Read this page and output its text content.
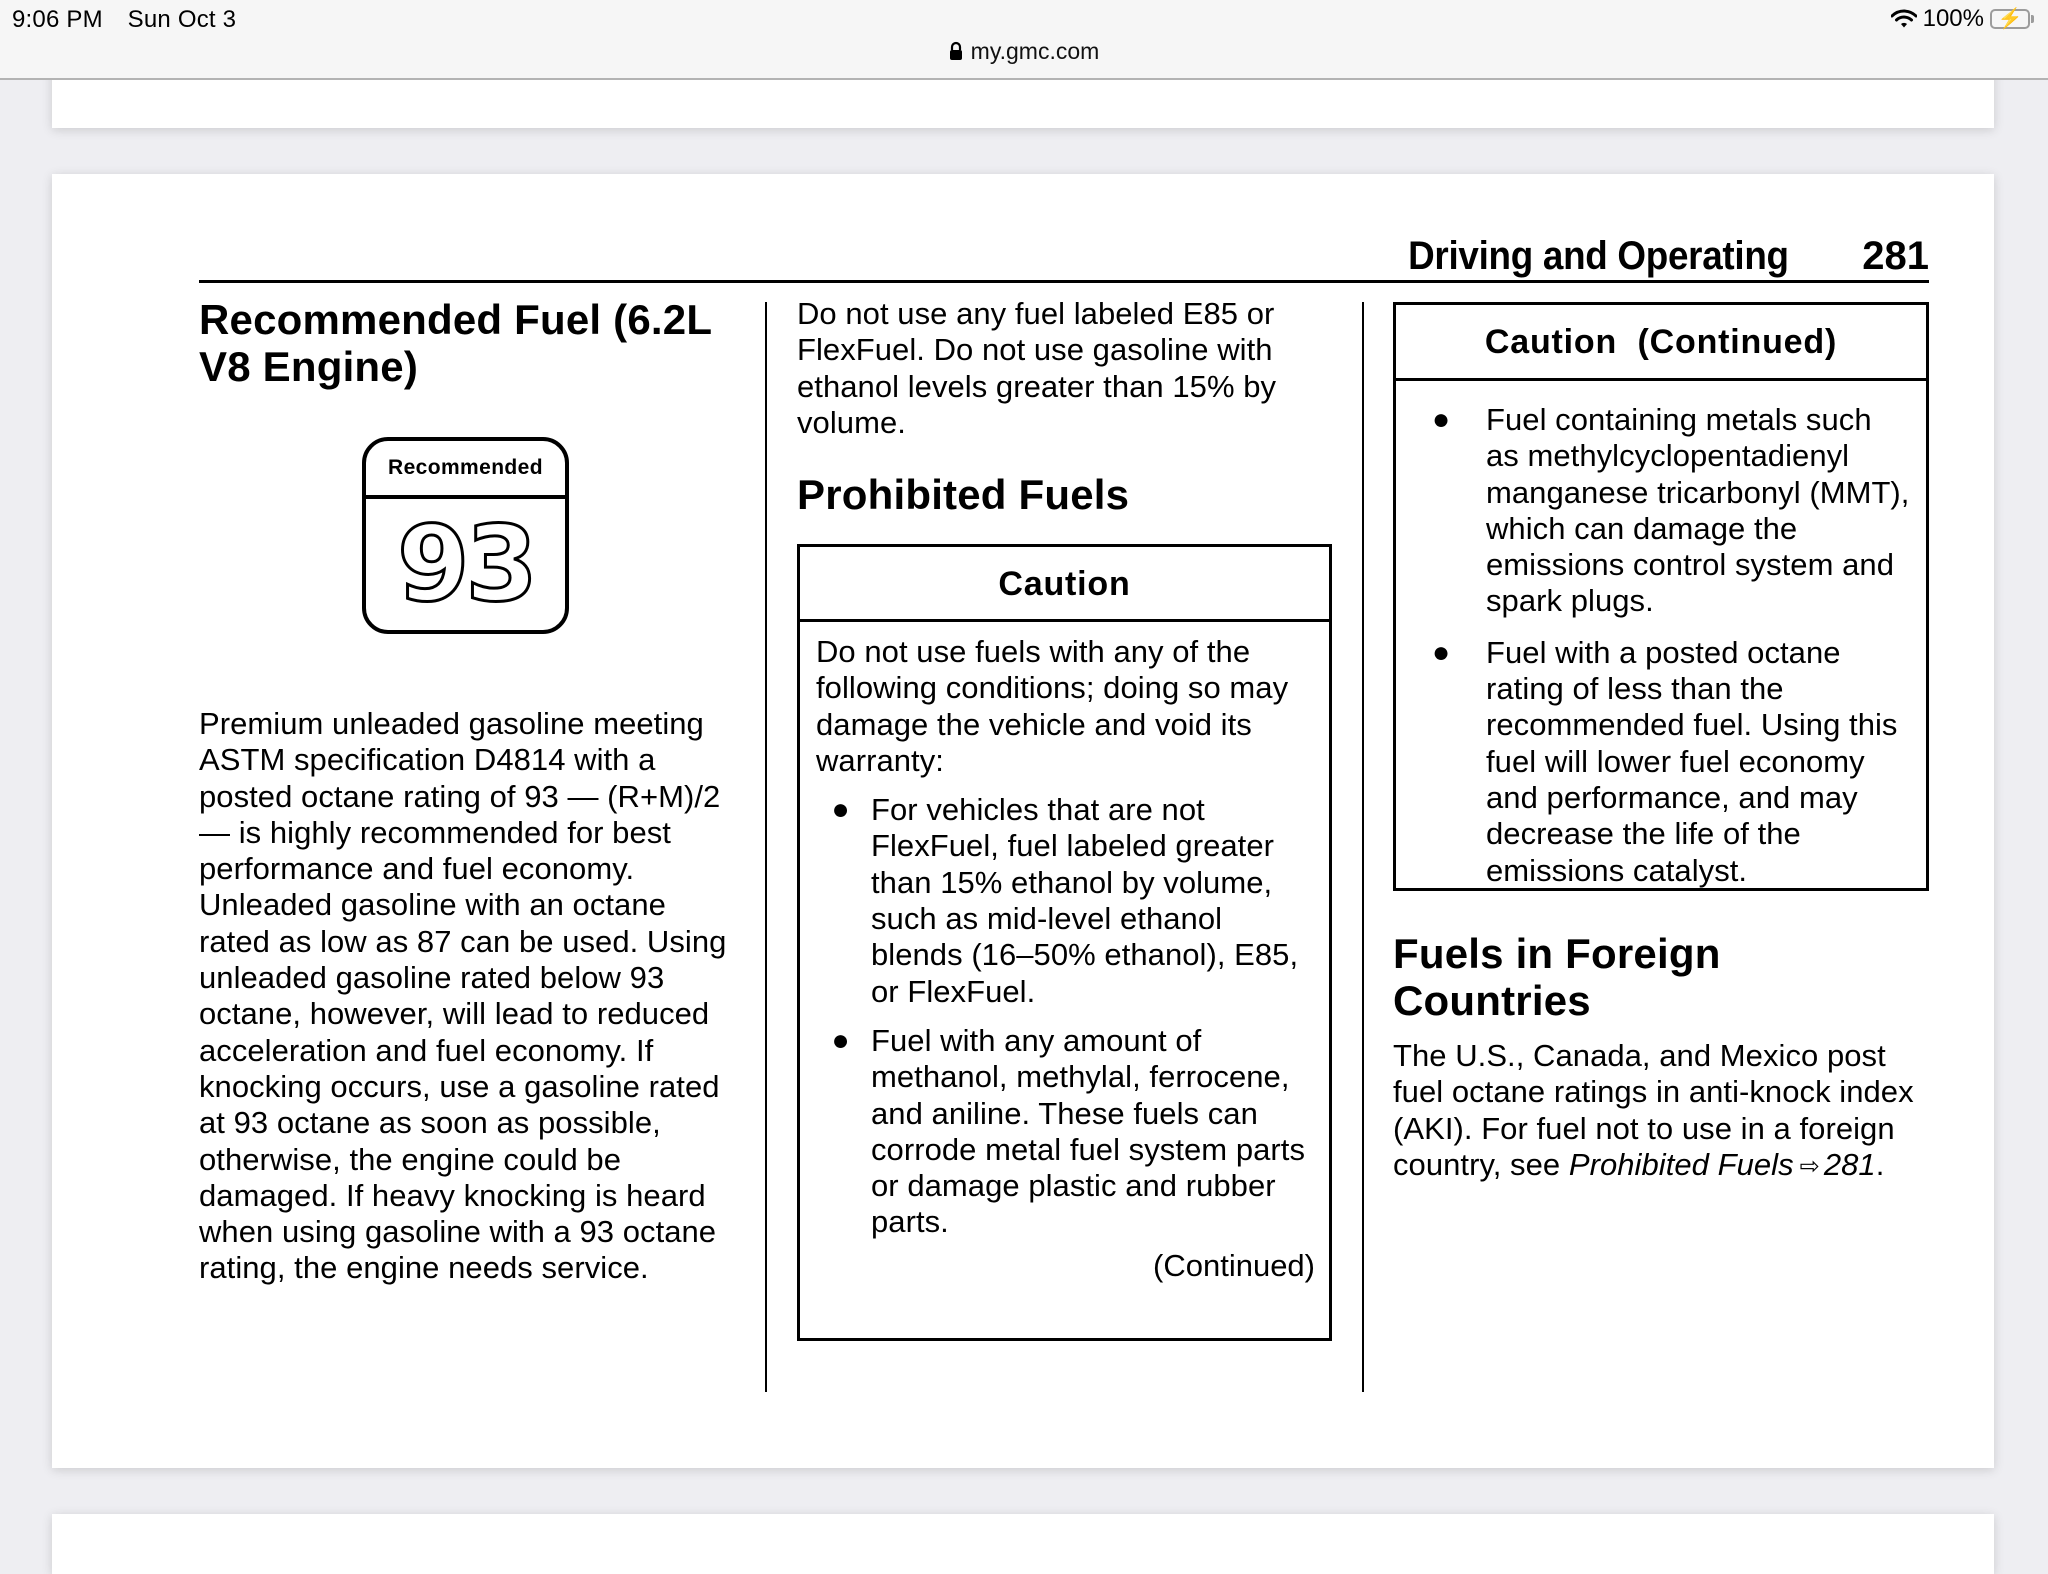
9:06 PM Sun Oct 3	100% ⚡
my.gmc.com
Driving and Operating 281
Recommended Fuel (6.2L V8 Engine)

Premium unleaded gasoline meeting ASTM specification D4814 with a posted octane rating of 93 — (R+M)/2 — is highly recommended for best performance and fuel economy. Unleaded gasoline with an octane rated as low as 87 can be used. Using unleaded gasoline rated below 93 octane, however, will lead to reduced acceleration and fuel economy. If knocking occurs, use a gasoline rated at 93 octane as soon as possible, otherwise, the engine could be damaged. If heavy knocking is heard when using gasoline with a 93 octane rating, the engine needs service.

Recommended
93

Do not use any fuel labeled E85 or FlexFuel. Do not use gasoline with ethanol levels greater than 15% by volume.

Prohibited Fuels
Caution

Do not use fuels with any of the following conditions; doing so may damage the vehicle and void its warranty:

● For vehicles that are not FlexFuel, fuel labeled greater than 15% ethanol by volume, such as mid-level ethanol blends (16–50% ethanol), E85, or FlexFuel.

● Fuel with any amount of methanol, methylal, ferrocene, and aniline. These fuels can corrode metal fuel system parts or damage plastic and rubber parts.

(Continued)
Caution  (Continued)
●	Fuel containing metals such as methylcyclopentadienyl manganese tricarbonyl (MMT), which can damage the emissions control system and spark plugs.

●	Fuel with a posted octane rating of less than the recommended fuel. Using this fuel will lower fuel economy and performance, and may decrease the life of the emissions catalyst.

Fuels in Foreign Countries

The U.S., Canada, and Mexico post fuel octane ratings in anti-knock index (AKI). For fuel not to use in a foreign country, see Prohibited Fuels ⇨ 281.
